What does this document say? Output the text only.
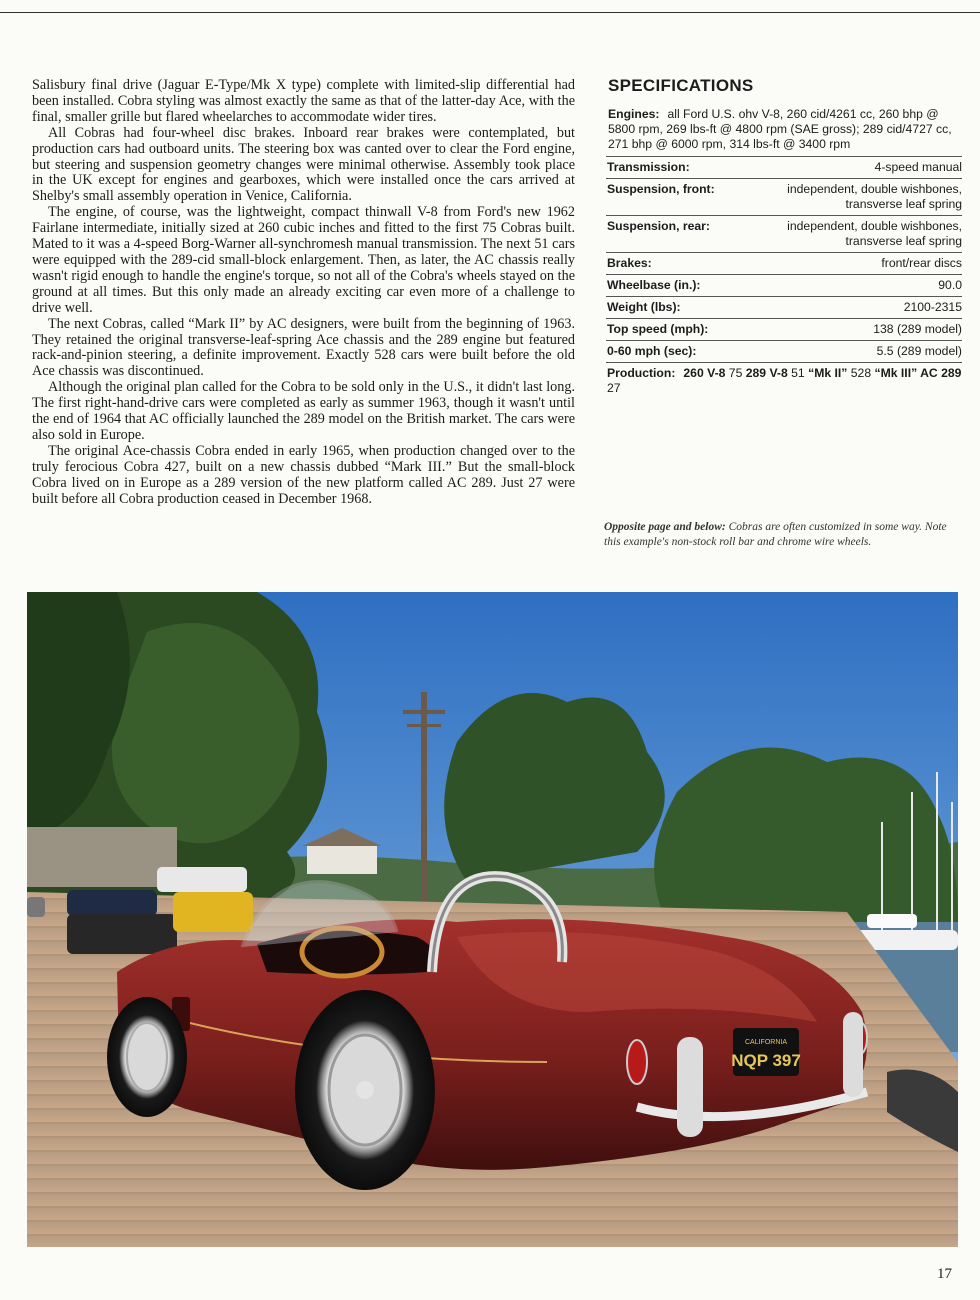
Salisbury final drive (Jaguar E-Type/Mk X type) complete with limited-slip differential had been installed. Cobra styling was almost exactly the same as that of the latter-day Ace, with the final, smaller grille but flared wheelarches to accommodate wider tires.

All Cobras had four-wheel disc brakes. Inboard rear brakes were contemplated, but production cars had outboard units. The steering box was canted over to clear the Ford engine, but steering and suspension geometry changes were minimal otherwise. Assembly took place in the UK except for engines and gearboxes, which were installed once the cars arrived at Shelby's small assembly operation in Venice, California.

The engine, of course, was the lightweight, compact thinwall V-8 from Ford's new 1962 Fairlane intermediate, initially sized at 260 cubic inches and fitted to the first 75 Cobras built. Mated to it was a 4-speed Borg-Warner all-synchromesh manual transmission. The next 51 cars were equipped with the 289-cid small-block enlargement. Then, as later, the AC chassis really wasn't rigid enough to handle the engine's torque, so not all of the Cobra's wheels stayed on the ground at all times. But this only made an already exciting car even more of a challenge to drive well.

The next Cobras, called “Mark II” by AC designers, were built from the beginning of 1963. They retained the original transverse-leaf-spring Ace chassis and the 289 engine but featured rack-and-pinion steering, a definite improvement. Exactly 528 cars were built before the old Ace chassis was discontinued.

Although the original plan called for the Cobra to be sold only in the U.S., it didn't last long. The first right-hand-drive cars were completed as early as summer 1963, though it wasn't until the end of 1964 that AC officially launched the 289 model on the British market. The cars were also sold in Europe.

The original Ace-chassis Cobra ended in early 1965, when production changed over to the truly ferocious Cobra 427, built on a new chassis dubbed “Mark III.” But the small-block Cobra lived on in Europe as a 289 version of the new platform called AC 289. Just 27 were built before all Cobra production ceased in December 1968.

SPECIFICATIONS
Engines: all Ford U.S. ohv V-8, 260 cid/4261 cc, 260 bhp @ 5800 rpm, 269 lbs-ft @ 4800 rpm (SAE gross); 289 cid/4727 cc, 271 bhp @ 6000 rpm, 314 lbs-ft @ 3400 rpm
Transmission:	4-speed manual
Suspension, front:	independent, double wishbones, transverse leaf spring
Suspension, rear:	independent, double wishbones, transverse leaf spring
Brakes:	front/rear discs
Wheelbase (in.):	90.0
Weight (lbs):	2100-2315
Top speed (mph):	138 (289 model)
0-60 mph (sec):	5.5 (289 model)
Production: 260 V-8 75 289 V-8 51 “Mk II” 528 “Mk III” AC 289 27
Opposite page and below: Cobras are often customized in some way. Note this example's non-stock roll bar and chrome wire wheels.
CALIFORNIA
NQP 397
17
